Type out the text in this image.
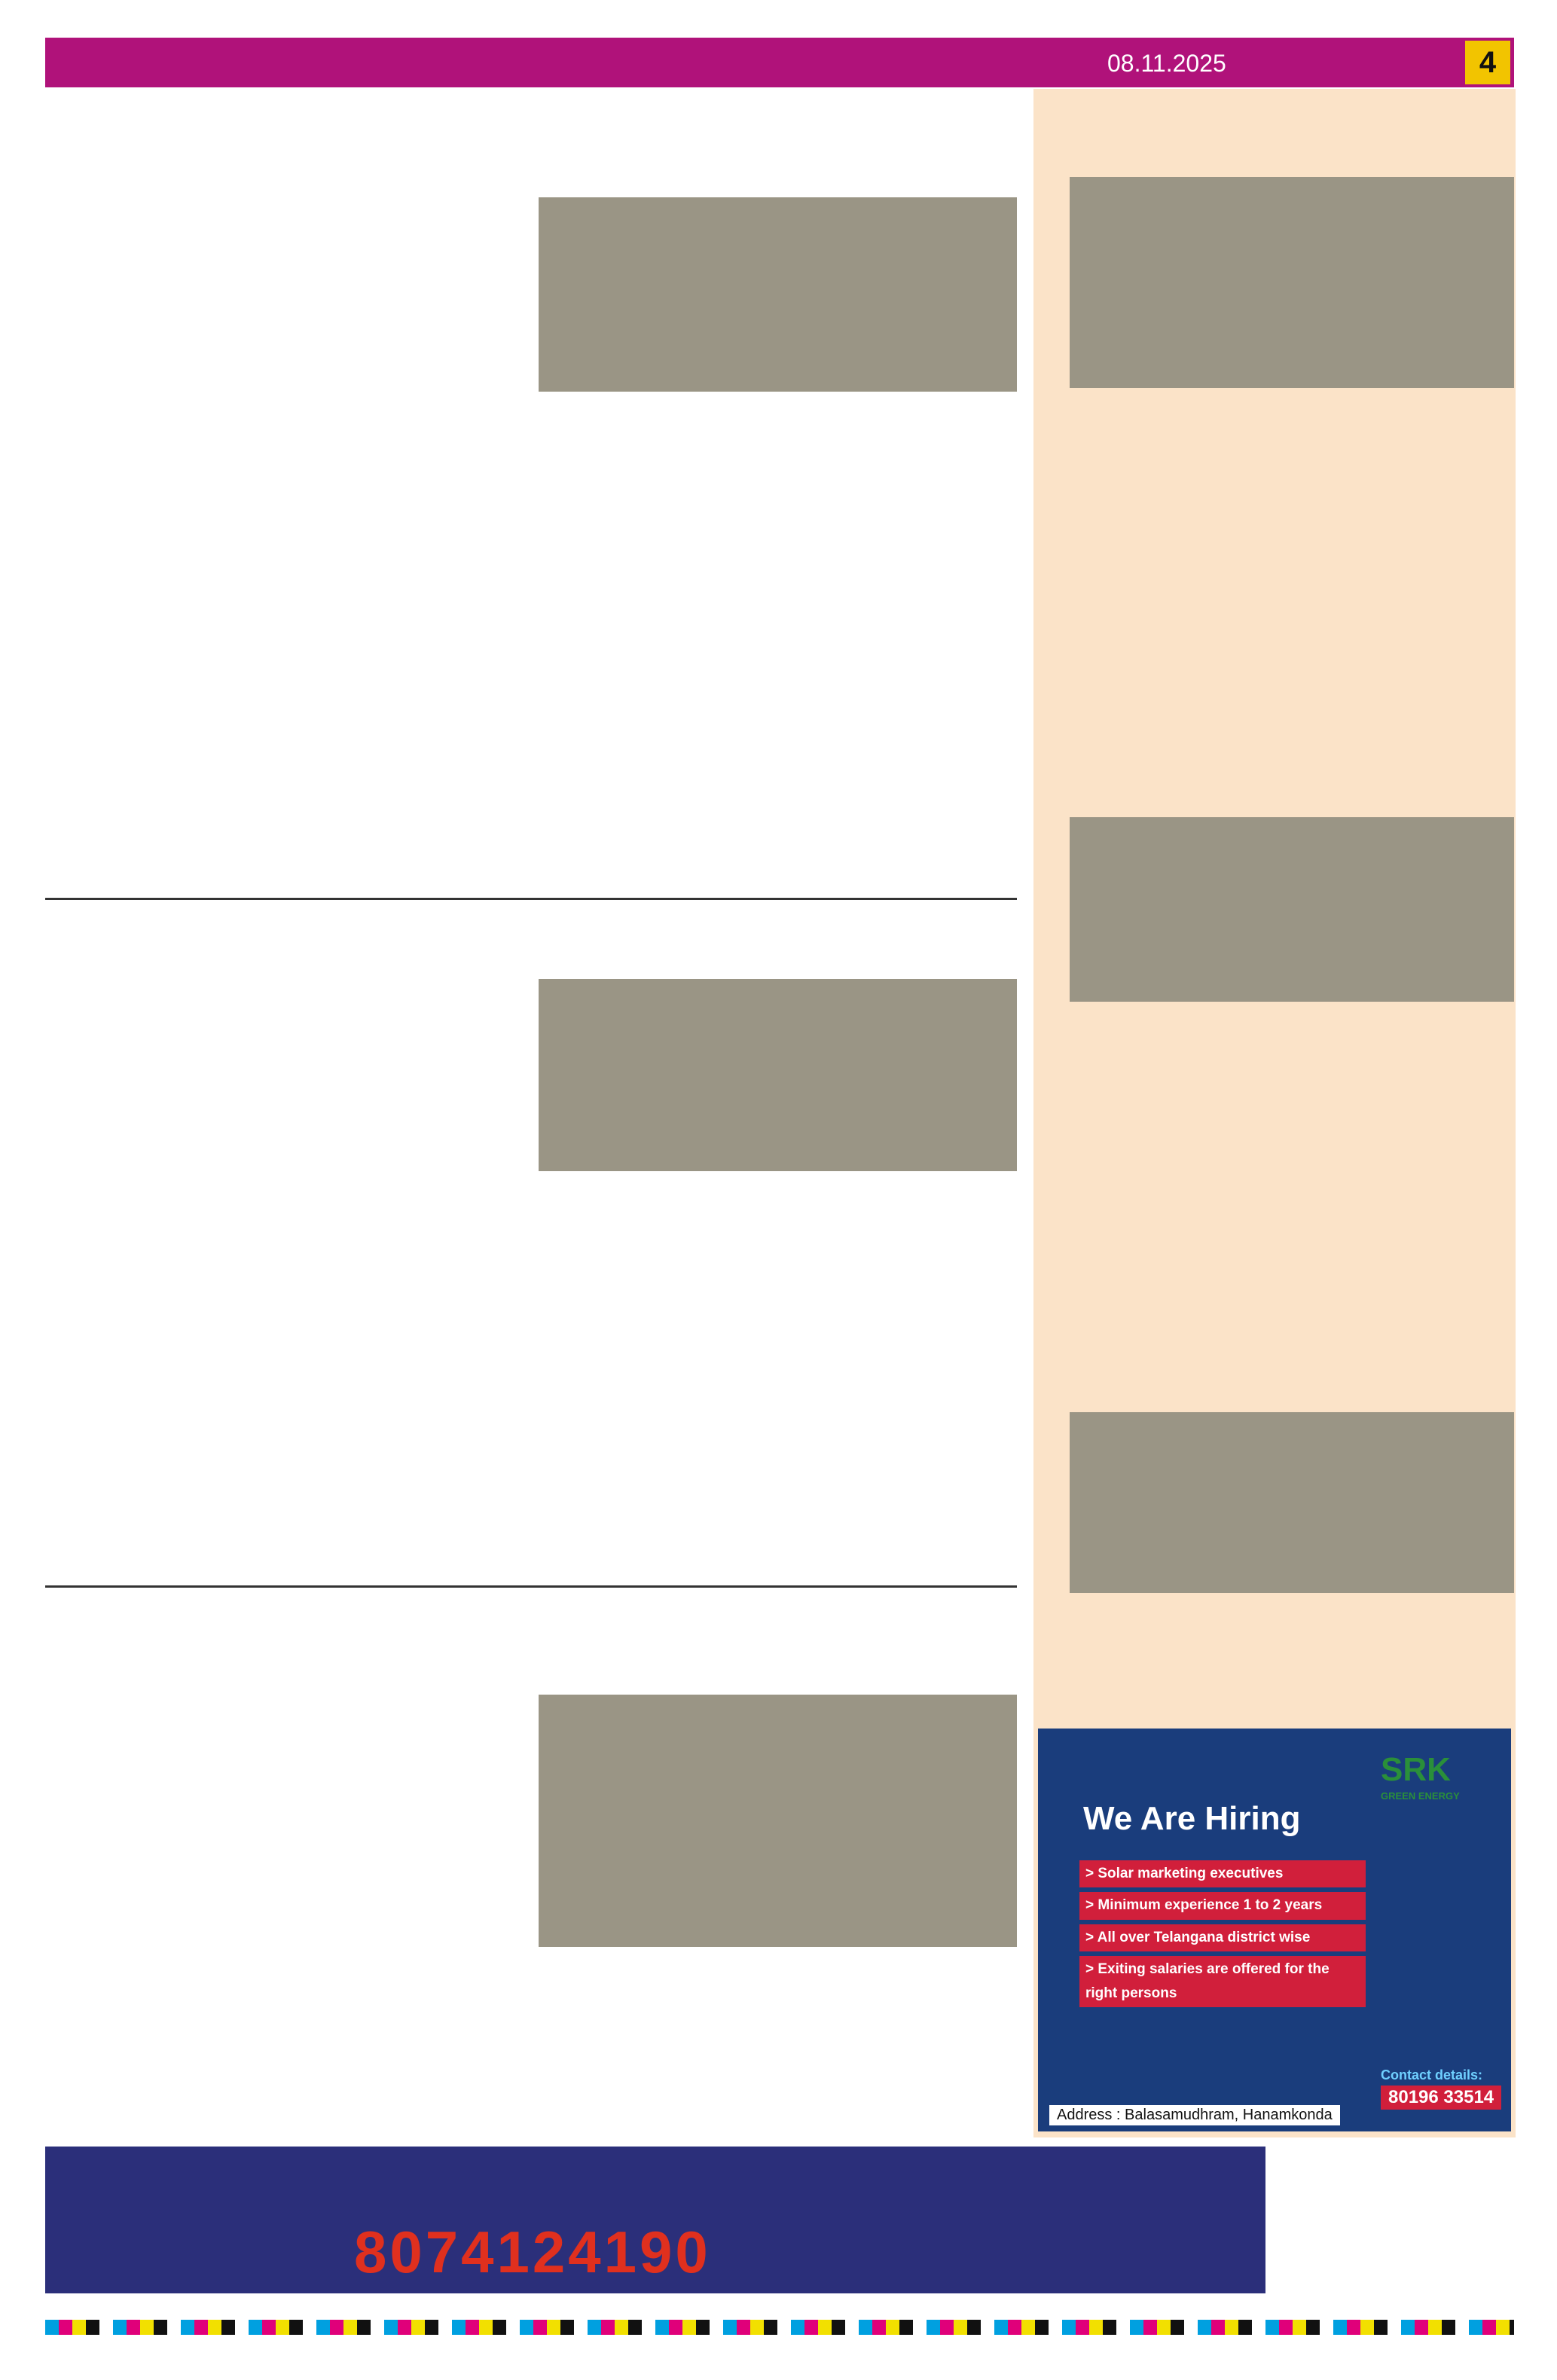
08.11.2025	4
SRK
GREEN ENERGY
We Are Hiring
> Solar marketing executives
> Minimum experience 1 to 2 years
> All over Telangana district wise
> Exiting salaries are offered for the right persons
Contact details:
80196 33514
Address : Balasamudhram, Hanamkonda
8074124190
